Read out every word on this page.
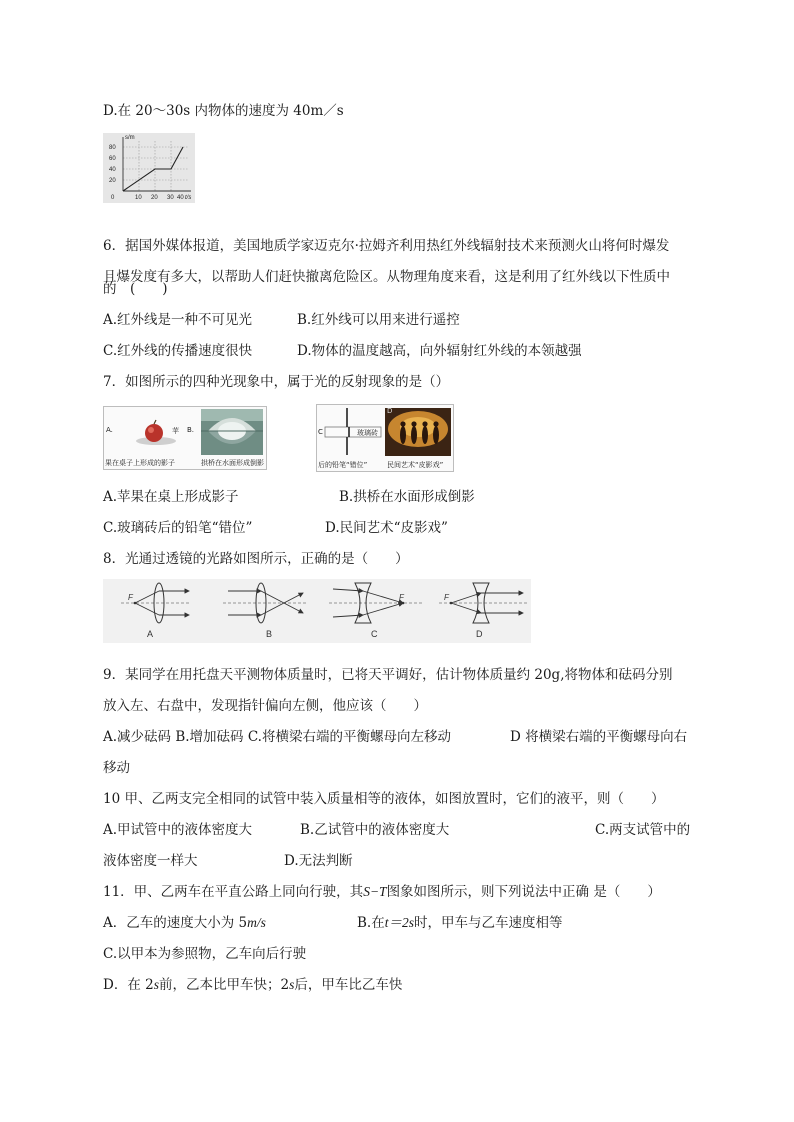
D.在 20～30s 内物体的速度为 40m／s
s/m
80
60
40
20
0	10 20 30 40 t/s
6．据国外媒体报道，美国地质学家迈克尔·拉姆齐利用热红外线辐射技术来预测火山将何时爆发
且爆发度有多大，以帮助人们赶快撤离危险区。从物理角度来看，这是利用了红外线以下性质中
的　(　　)
A.红外线是一种不可见光	B.红外线可以用来进行遥控
C.红外线的传播速度很快	D.物体的温度越高，向外辐射红外线的本领越强
7．如图所示的四种光现象中，属于光的反射现象的是（）
A.	苹 B.
果在桌子上形成的影子	拱桥在水面形成倒影
C	玻璃砖
D
后的铅笔“错位”	民间艺术“皮影戏”
A.苹果在桌上形成影子	B.拱桥在水面形成倒影
C.玻璃砖后的铅笔“错位”	D.民间艺术“皮影戏”
8．光通过透镜的光路如图所示，正确的是（　　）
F
A	B
F
C
F
D
9．某同学在用托盘天平测物体质量时，已将天平调好，估计物体质量约 20g,将物体和砝码分别
放入左、右盘中，发现指针偏向左侧，他应该（　　）
A.减少砝码 B.增加砝码 C.将横梁右端的平衡螺母向左移动	D 将横梁右端的平衡螺母向右
移动
10 甲、乙两支完全相同的试管中装入质量相等的液体，如图放置时，它们的液平，则（　　）
A.甲试管中的液体密度大	B.乙试管中的液体密度大	C.两支试管中的
液体密度一样大	D.无法判断
11．甲、乙两车在平直公路上同向行驶，其S−T图象如图所示，则下列说法中正确 是（　　）
A．乙车的速度大小为 5m/s	B.在t＝2s时，甲车与乙车速度相等
C.以甲本为参照物，乙车向后行驶
D．在 2s前，乙本比甲车快；2s后，甲车比乙车快
